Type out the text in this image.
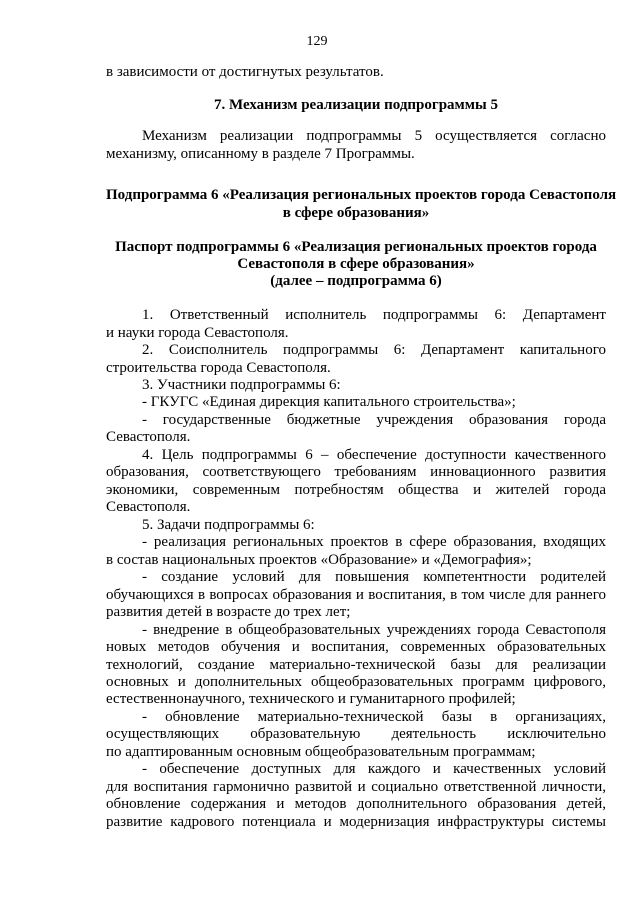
129
в зависимости от достигнутых результатов.
7. Механизм реализации подпрограммы 5
Механизм реализации подпрограммы 5 осуществляется согласно
механизму, описанному в разделе 7 Программы.
Подпрограмма 6 «Реализация региональных проектов города Севастополя
в сфере образования»
Паспорт подпрограммы 6 «Реализация региональных проектов города
Севастополя в сфере образования»
(далее – подпрограмма 6)
1. Ответственный исполнитель подпрограммы 6: Департамент
и науки города Севастополя.
2. Соисполнитель подпрограммы 6: Департамент капитального
строительства города Севастополя.
3. Участники подпрограммы 6:
- ГКУГС «Единая дирекция капитального строительства»;
- государственные бюджетные учреждения образования города
Севастополя.
4. Цель подпрограммы 6 – обеспечение доступности качественного
образования, соответствующего требованиям инновационного развития
экономики, современным потребностям общества и жителей города
Севастополя.
5. Задачи подпрограммы 6:
- реализация региональных проектов в сфере образования, входящих
в состав национальных проектов «Образование» и «Демография»;
- создание условий для повышения компетентности родителей
обучающихся в вопросах образования и воспитания, в том числе для раннего
развития детей в возрасте до трех лет;
- внедрение в общеобразовательных учреждениях города Севастополя
новых методов обучения и воспитания, современных образовательных
технологий, создание материально-технической базы для реализации
основных и дополнительных общеобразовательных программ цифрового,
естественнонаучного, технического и гуманитарного профилей;
- обновление материально-технической базы в организациях,
осуществляющих образовательную деятельность исключительно
по адаптированным основным общеобразовательным программам;
- обеспечение доступных для каждого и качественных условий
для воспитания гармонично развитой и социально ответственной личности,
обновление содержания и методов дополнительного образования детей,
развитие кадрового потенциала и модернизация инфраструктуры системы
